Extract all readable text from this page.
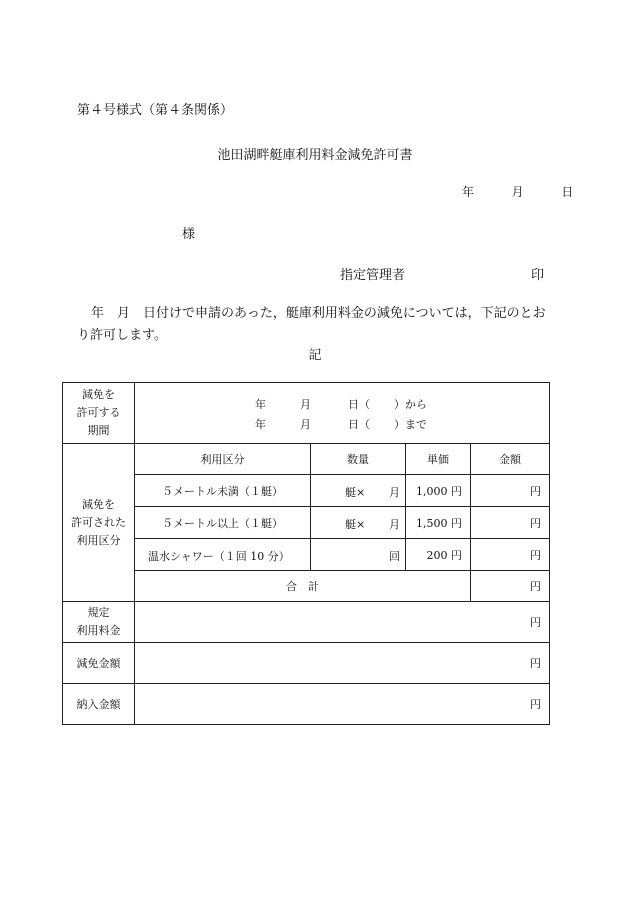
第４号様式（第４条関係）
池田湖畔艇庫利用料金減免許可書
年	月	日
様
指定管理者	印
年　月　日付けで申請のあった，艇庫利用料金の減免については，下記のとおり許可します。
記
減免を
許可する
期間
年	月	日（ ）から
年	月	日（ ）まで
減免を
許可された
利用区分
利用区分	数量	単価	金額
５メートル未満（１艇）	艇× 月	1,000 円	円
５メートル以上（１艇）	艇× 月	1,500 円	円
温水シャワー（１回 10 分）	回	200 円	円
合　計	円
規定
利用料金
円
減免金額	円
納入金額	円
